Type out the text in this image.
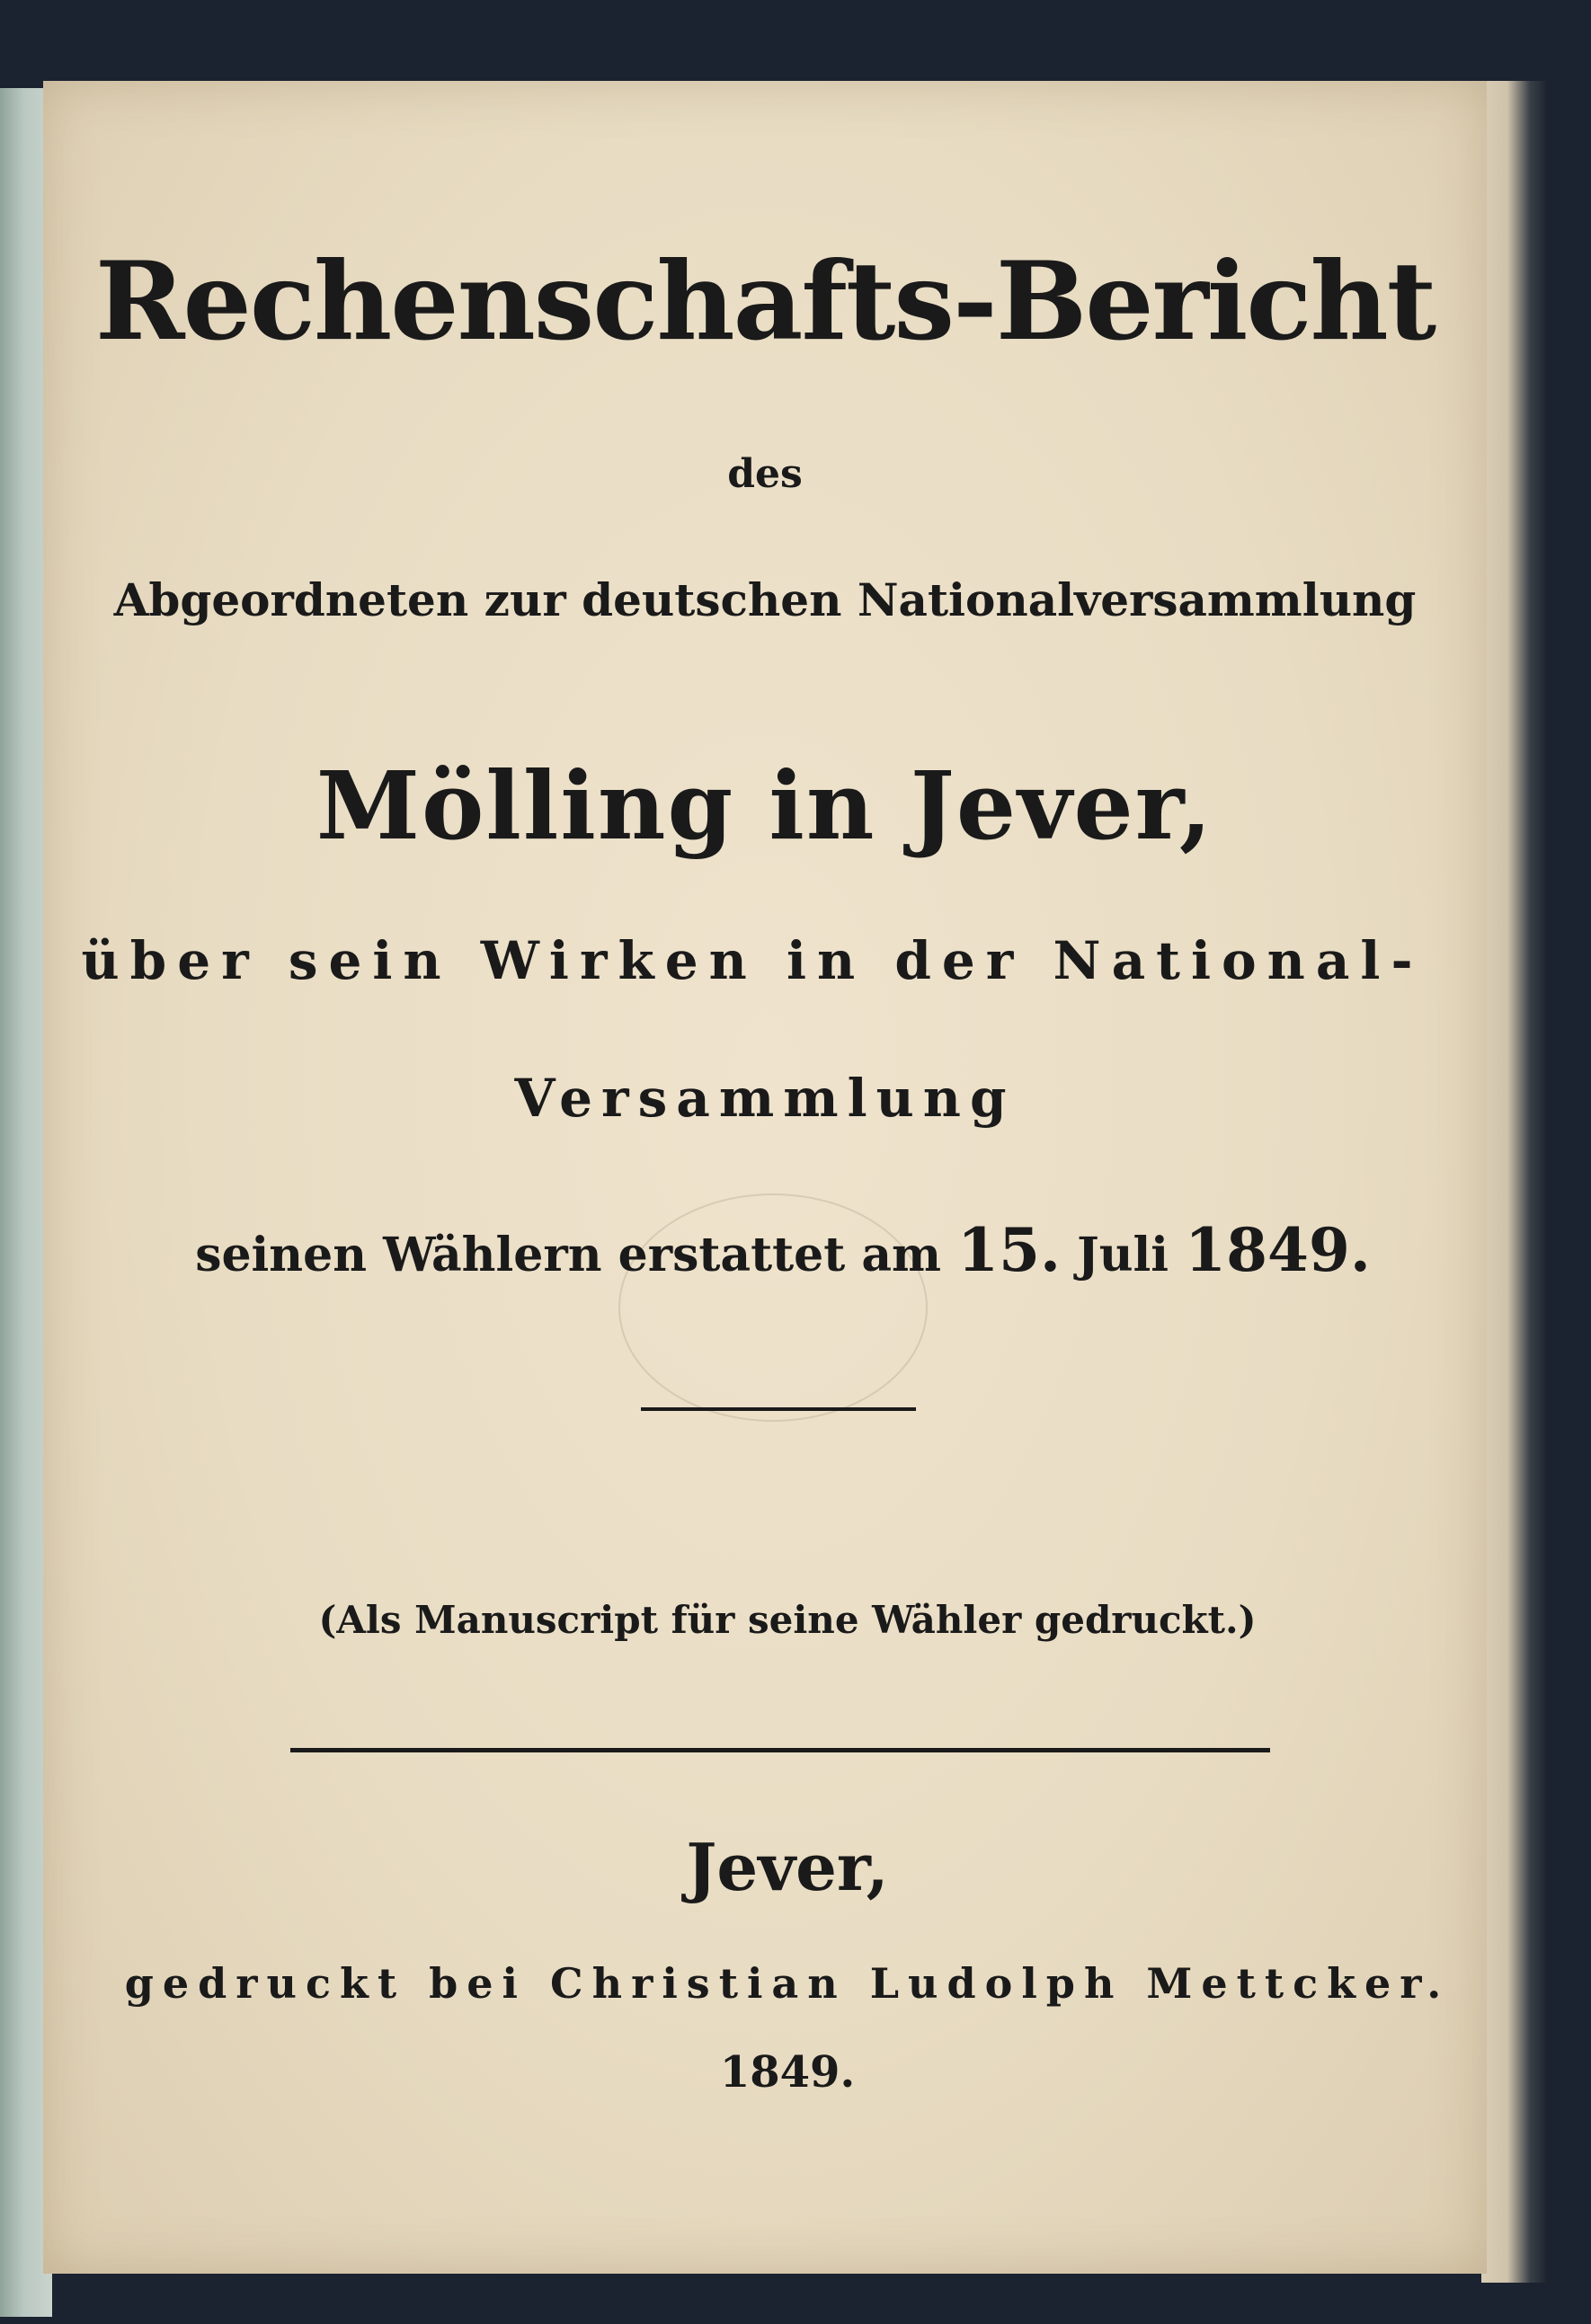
Rechenschafts-Bericht
des
Abgeordneten zur deutschen Nationalversammlung
Mölling in Jever,
über sein Wirken in der National-
Versammlung
seinen Wählern erstattet am 15. Juli 1849.
(Als Manuscript für seine Wähler gedruckt.)
Jever,
gedruckt bei Christian Ludolph Mettcker.
1849.
